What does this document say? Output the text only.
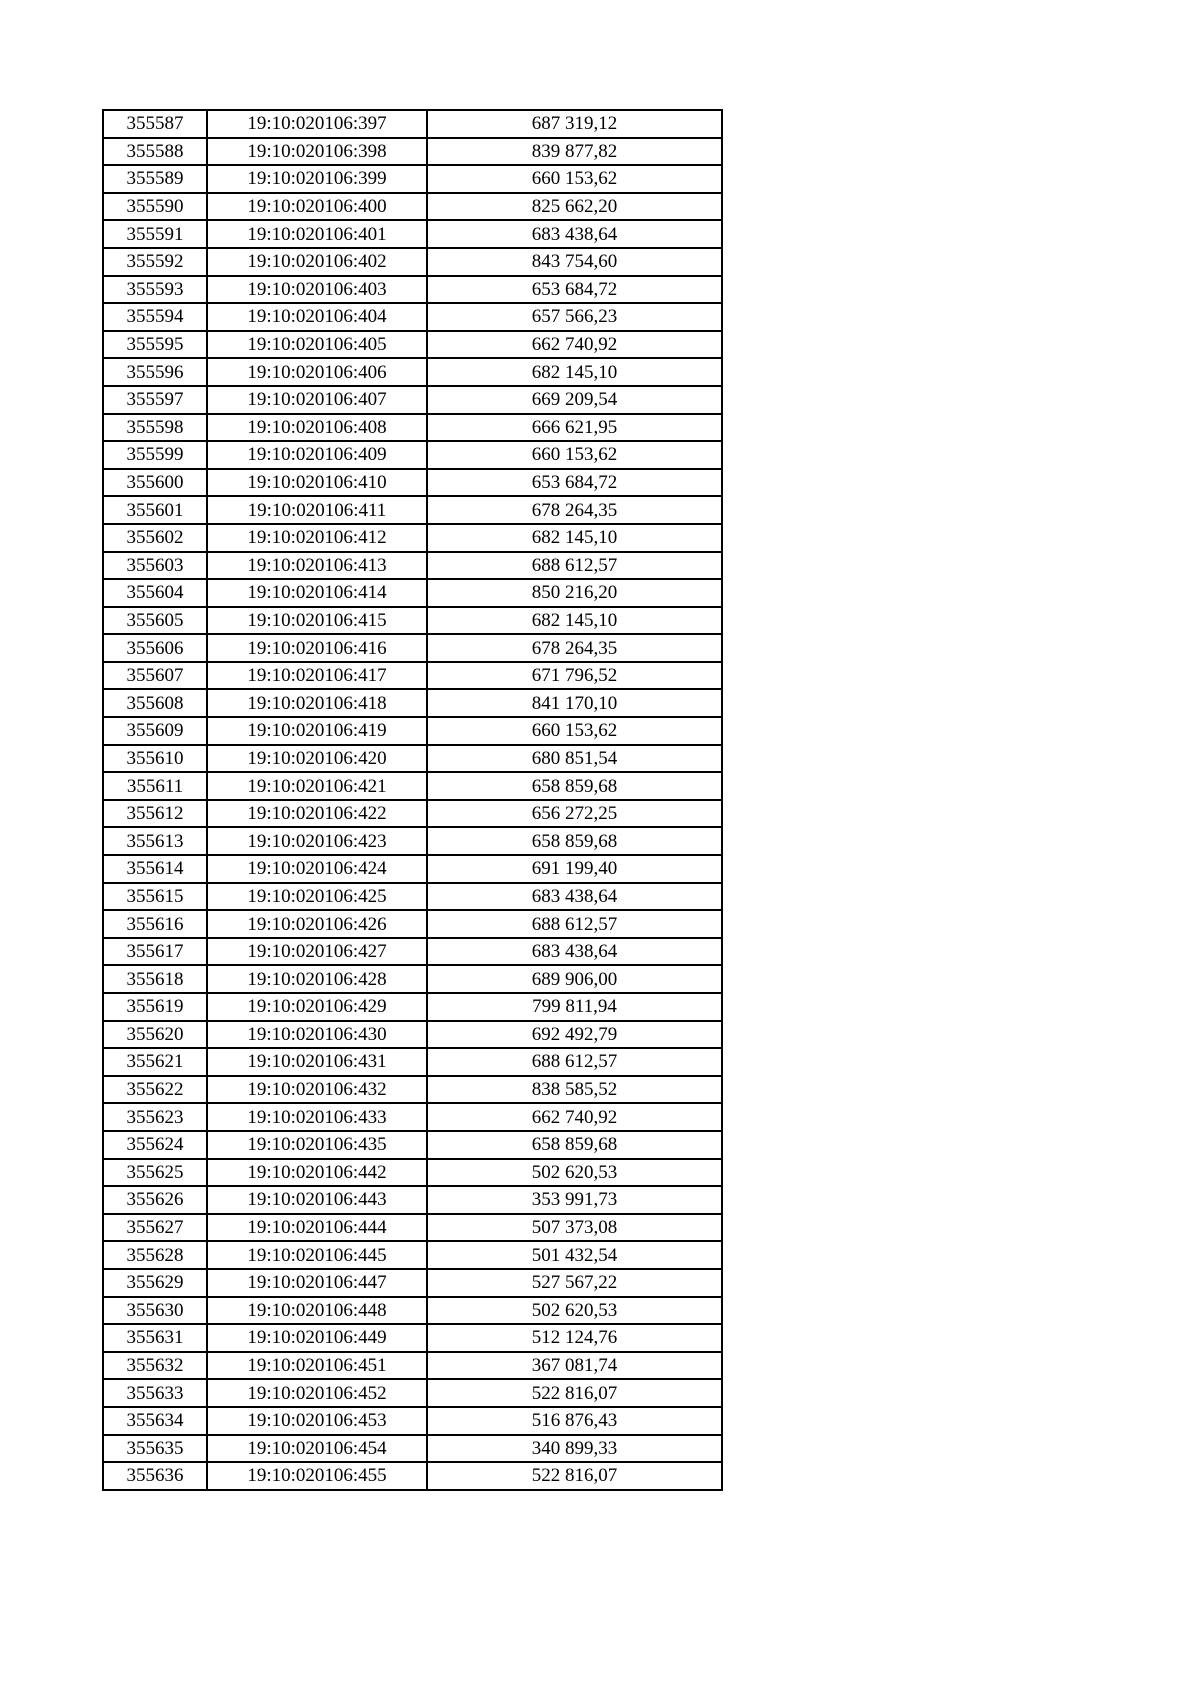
355587	19:10:020106:397	687 319,12
355588	19:10:020106:398	839 877,82
355589	19:10:020106:399	660 153,62
355590	19:10:020106:400	825 662,20
355591	19:10:020106:401	683 438,64
355592	19:10:020106:402	843 754,60
355593	19:10:020106:403	653 684,72
355594	19:10:020106:404	657 566,23
355595	19:10:020106:405	662 740,92
355596	19:10:020106:406	682 145,10
355597	19:10:020106:407	669 209,54
355598	19:10:020106:408	666 621,95
355599	19:10:020106:409	660 153,62
355600	19:10:020106:410	653 684,72
355601	19:10:020106:411	678 264,35
355602	19:10:020106:412	682 145,10
355603	19:10:020106:413	688 612,57
355604	19:10:020106:414	850 216,20
355605	19:10:020106:415	682 145,10
355606	19:10:020106:416	678 264,35
355607	19:10:020106:417	671 796,52
355608	19:10:020106:418	841 170,10
355609	19:10:020106:419	660 153,62
355610	19:10:020106:420	680 851,54
355611	19:10:020106:421	658 859,68
355612	19:10:020106:422	656 272,25
355613	19:10:020106:423	658 859,68
355614	19:10:020106:424	691 199,40
355615	19:10:020106:425	683 438,64
355616	19:10:020106:426	688 612,57
355617	19:10:020106:427	683 438,64
355618	19:10:020106:428	689 906,00
355619	19:10:020106:429	799 811,94
355620	19:10:020106:430	692 492,79
355621	19:10:020106:431	688 612,57
355622	19:10:020106:432	838 585,52
355623	19:10:020106:433	662 740,92
355624	19:10:020106:435	658 859,68
355625	19:10:020106:442	502 620,53
355626	19:10:020106:443	353 991,73
355627	19:10:020106:444	507 373,08
355628	19:10:020106:445	501 432,54
355629	19:10:020106:447	527 567,22
355630	19:10:020106:448	502 620,53
355631	19:10:020106:449	512 124,76
355632	19:10:020106:451	367 081,74
355633	19:10:020106:452	522 816,07
355634	19:10:020106:453	516 876,43
355635	19:10:020106:454	340 899,33
355636	19:10:020106:455	522 816,07
